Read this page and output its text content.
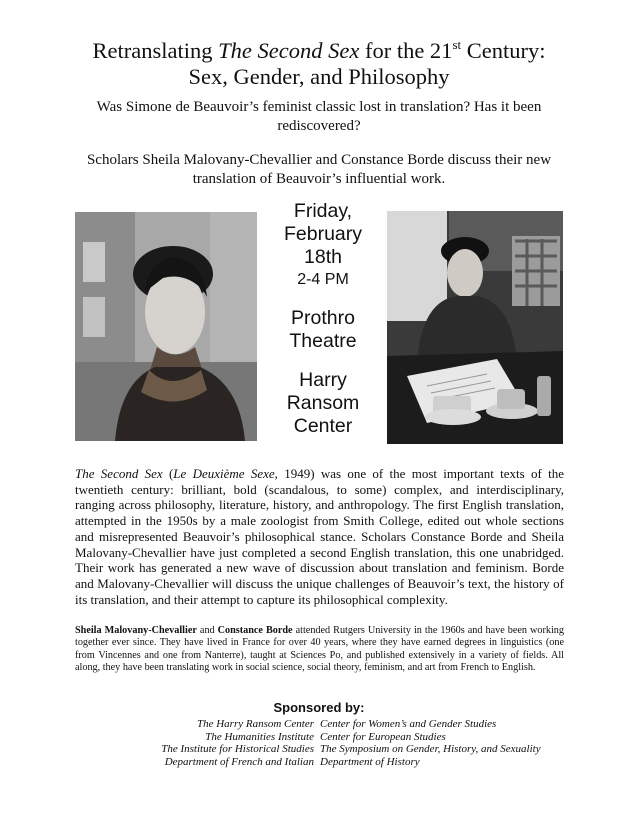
Retranslating The Second Sex for the 21st Century:
Sex, Gender, and Philosophy
Was Simone de Beauvoir’s feminist classic lost in translation? Has it been rediscovered?
Scholars Sheila Malovany-Chevallier and Constance Borde discuss their new translation of Beauvoir’s influential work.
Friday,
February
18th
2-4 PM
Prothro
Theatre
Harry
Ransom
Center
The Second Sex (Le Deuxième Sexe, 1949) was one of the most important texts of the twentieth century: brilliant, bold (scandalous, to some) complex, and interdisciplinary, ranging across philosophy, literature, history, and anthropology. The first English translation, attempted in the 1950s by a male zoologist from Smith College, edited out whole sections and misrepresented Beauvoir’s philosophical stance. Scholars Constance Borde and Sheila Malovany-Chevallier have just completed a second English translation, this one unabridged. Their work has generated a new wave of discussion about translation and feminism. Borde and Malovany-Chevallier will discuss the unique challenges of Beauvoir’s text, the history of its translation, and their attempt to capture its philosophical complexity.
Sheila Malovany-Chevallier and Constance Borde attended Rutgers University in the 1960s and have been working together ever since. They have lived in France for over 40 years, where they have earned degrees in linguistics (one from Vincennes and one from Nanterre), taught at Sciences Po, and published extensively in a variety of fields. All along, they have been translating work in social science, social theory, feminism, and art from French to English.
Sponsored by:
The Harry Ransom Center
The Humanities Institute
The Institute for Historical Studies
Department of French and Italian
Center for Women’s and Gender Studies
Center for European Studies
The Symposium on Gender, History, and Sexuality
Department of History
